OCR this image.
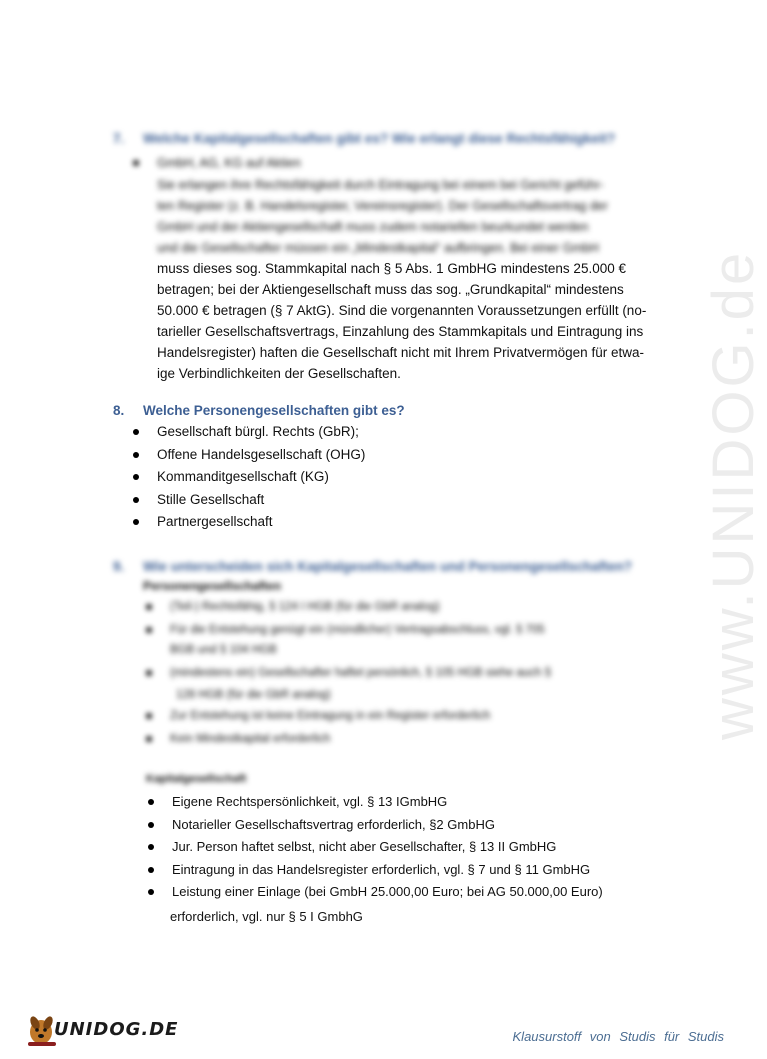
www.UNIDOG.de
7. Welche Kapitalgesellschaften gibt es? Wie erlangt diese Rechtsfähigkeit?
GmbH, AG, KG auf Aktien
Sie erlangen ihre Rechtsfähigkeit durch Eintragung bei einem bei Gericht geführ-
ten Register (z. B. Handelsregister, Vereinsregister). Der Gesellschaftsvertrag der
GmbH und der Aktiengesellschaft muss zudem notariellen beurkundet werden
und die Gesellschafter müssen ein „Mindestkapital“ aufbringen. Bei einer GmbH
muss dieses sog. Stammkapital nach § 5 Abs. 1 GmbHG mindestens 25.000 €
betragen; bei der Aktiengesellschaft muss das sog. „Grundkapital“ mindestens
50.000 € betragen (§ 7 AktG). Sind die vorgenannten Voraussetzungen erfüllt (no-
tarieller Gesellschaftsvertrags, Einzahlung des Stammkapitals und Eintragung ins
Handelsregister) haften die Gesellschaft nicht mit Ihrem Privatvermögen für etwa-
ige Verbindlichkeiten der Gesellschaften.
8. Welche Personengesellschaften gibt es?
Gesellschaft bürgl. Rechts (GbR);
Offene Handelsgesellschaft (OHG)
Kommanditgesellschaft (KG)
Stille Gesellschaft
Partnergesellschaft
9. Wie unterscheiden sich Kapitalgesellschaften und Personengesellschaften?
Personengesellschaften
(Teil-) Rechtsfähig, § 124 I HGB (für die GbR analog)
Für die Entstehung genügt ein (mündlicher) Vertragsabschluss, vgl. § 705
BGB und § 104 HGB
(mindestens ein) Gesellschafter haftet persönlich, § 105 HGB siehe auch §
128 HGB (für die GbR analog)
Zur Entstehung ist keine Eintragung in ein Register erforderlich
Kein Mindestkapital erforderlich
Kapitalgesellschaft
Eigene Rechtspersönlichkeit, vgl. § 13 IGmbHG
Notarieller Gesellschaftsvertrag erforderlich, §2 GmbHG
Jur. Person haftet selbst, nicht aber Gesellschafter, § 13 II GmbHG
Eintragung in das Handelsregister erforderlich, vgl. § 7 und § 11 GmbHG
Leistung einer Einlage (bei GmbH 25.000,00 Euro; bei AG 50.000,00 Euro)
erforderlich, vgl. nur § 5 I GmbhG
UNIDOG.DE	Klausurstoff von Studis für Studis
